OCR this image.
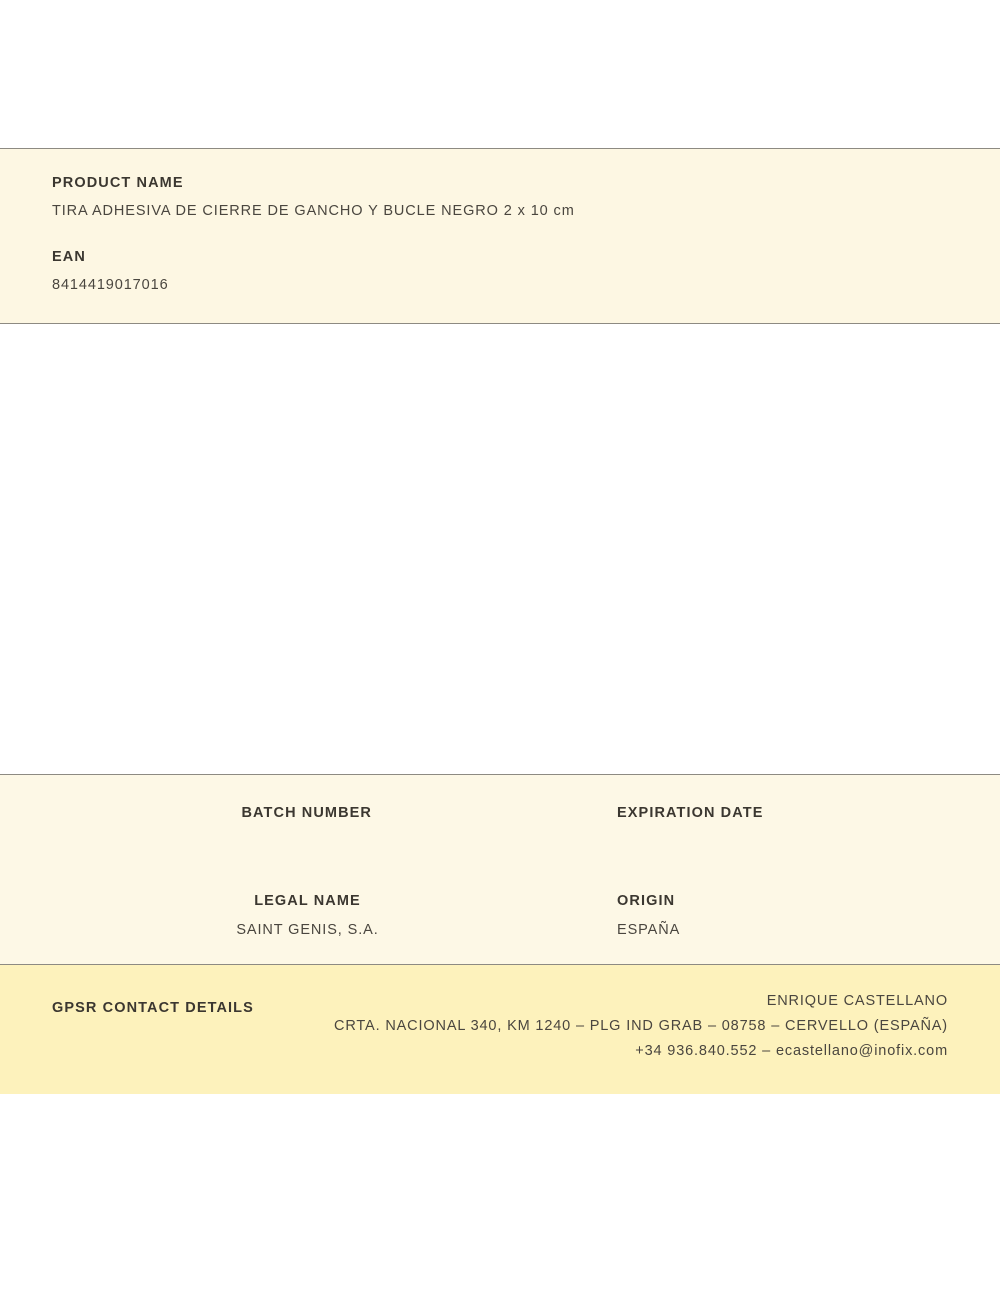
PRODUCT NAME
TIRA ADHESIVA DE CIERRE DE GANCHO Y BUCLE NEGRO 2 x 10 cm
EAN
8414419017016
BATCH NUMBER	EXPIRATION DATE
LEGAL NAME
SAINT GENIS, S.A.
ORIGIN
ESPAÑA
GPSR CONTACT DETAILS	ENRIQUE CASTELLANO
CRTA. NACIONAL 340, KM 1240 – PLG IND GRAB – 08758 – CERVELLO (ESPAÑA)
+34 936.840.552 – ecastellano@inofix.com
